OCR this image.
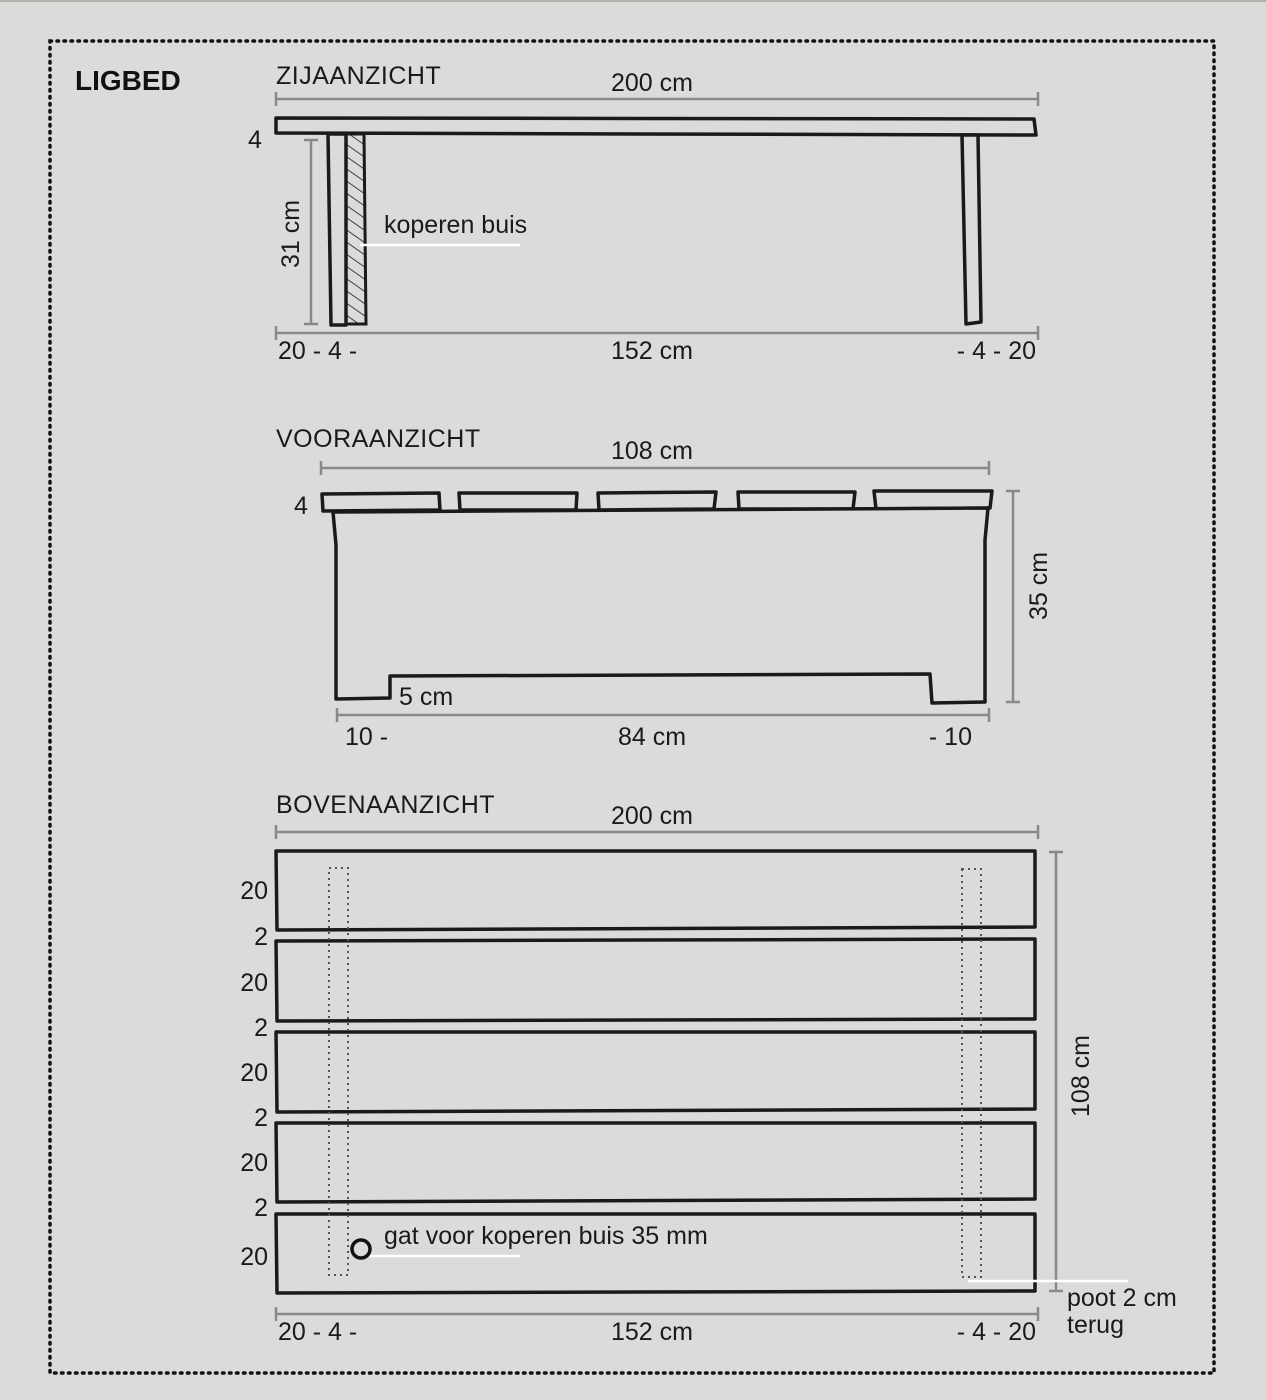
LIGBED	ZIJAANZICHT	200 cm
4
31 cm	koperen buis
20 - 4 -	152 cm	- 4 - 20
VOORAANZICHT	108 cm
4
35 cm
5 cm
10 -	84 cm	- 10
BOVENAANZICHT	200 cm
gat voor koperen buis 35 mm
20
2
20
2
20
2
20
2
20
108 cm
poot 2 cm
terug
20 - 4 -	152 cm	- 4 - 20
